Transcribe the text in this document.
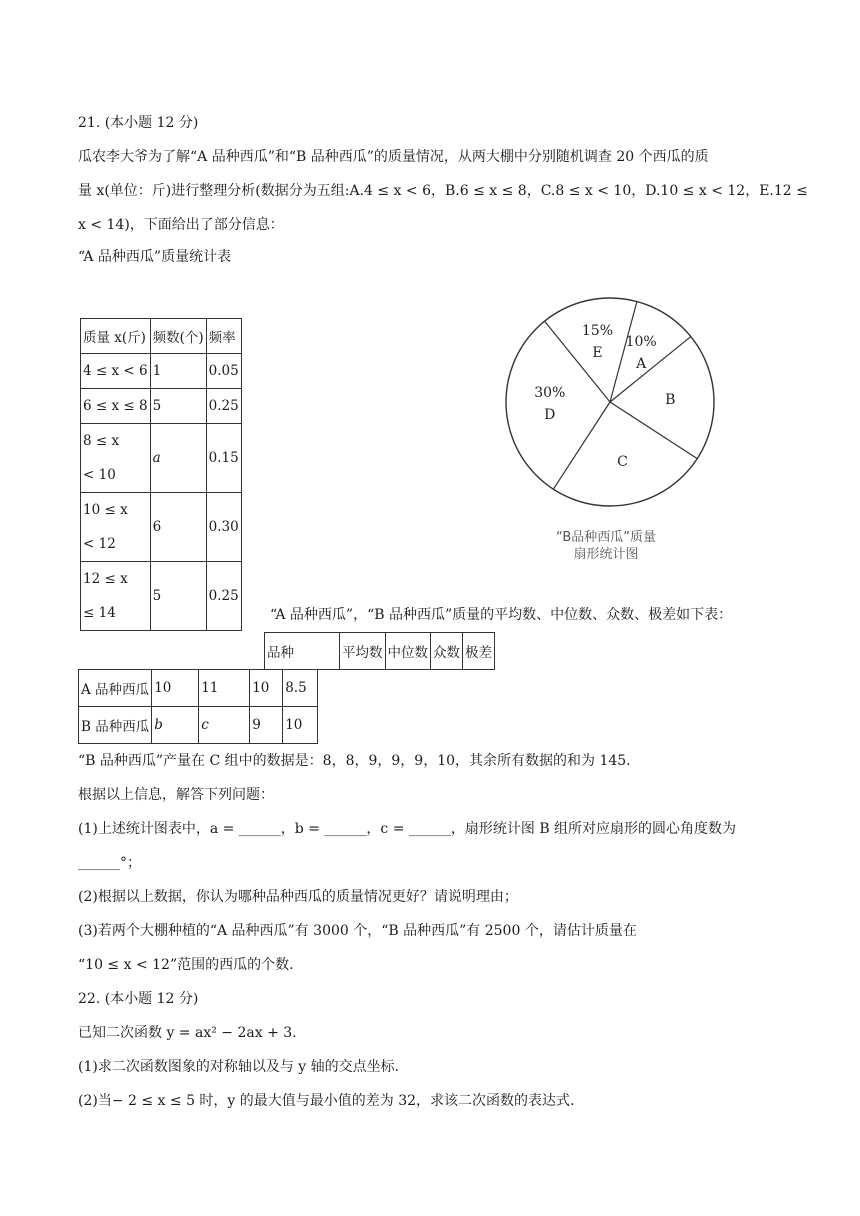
21. (本小题 12 分)
瓜农李大爷为了解“A 品种西瓜”和“B 品种西瓜”的质量情况，从两大棚中分别随机调查 20 个西瓜的质
量 x(单位：斤)进行整理分析(数据分为五组:A.4 ≤ x < 6，B.6 ≤ x ≤ 8，C.8 ≤ x < 10，D.10 ≤ x < 12，E.12 ≤
x < 14)，下面给出了部分信息：
“A 品种西瓜”质量统计表
质量 x(斤)	频数(个)	频率
4 ≤ x < 6	1	0.05
6 ≤ x ≤ 8	5	0.25

8 ≤ x
< 10	a	0.15

10 ≤ x
< 12	6	0.30

12 ≤ x
≤ 14	5	0.25
A
10%
B
C
D
30%
E
15%
“B品种西瓜”质量
扇形统计图
“A 品种西瓜”，“B 品种西瓜”质量的平均数、中位数、众数、极差如下表：
品种	平均数	中位数	众数	极差
A 品种西瓜	10	11	10	8.5
B 品种西瓜	b	c	9	10
“B 品种西瓜”产量在 C 组中的数据是：8，8，9，9，9，10，其余所有数据的和为 145.
根据以上信息，解答下列问题：
(1)上述统计图表中，a = ______，b = ______，c = ______，扇形统计图 B 组所对应扇形的圆心角度数为
______°；
(2)根据以上数据，你认为哪种品种西瓜的质量情况更好？请说明理由；
(3)若两个大棚种植的“A 品种西瓜”有 3000 个，“B 品种西瓜”有 2500 个，请估计质量在
“10 ≤ x < 12”范围的西瓜的个数.
22. (本小题 12 分)
已知二次函数 y = ax² − 2ax + 3.
(1)求二次函数图象的对称轴以及与 y 轴的交点坐标.
(2)当− 2 ≤ x ≤ 5 时，y 的最大值与最小值的差为 32，求该二次函数的表达式.
